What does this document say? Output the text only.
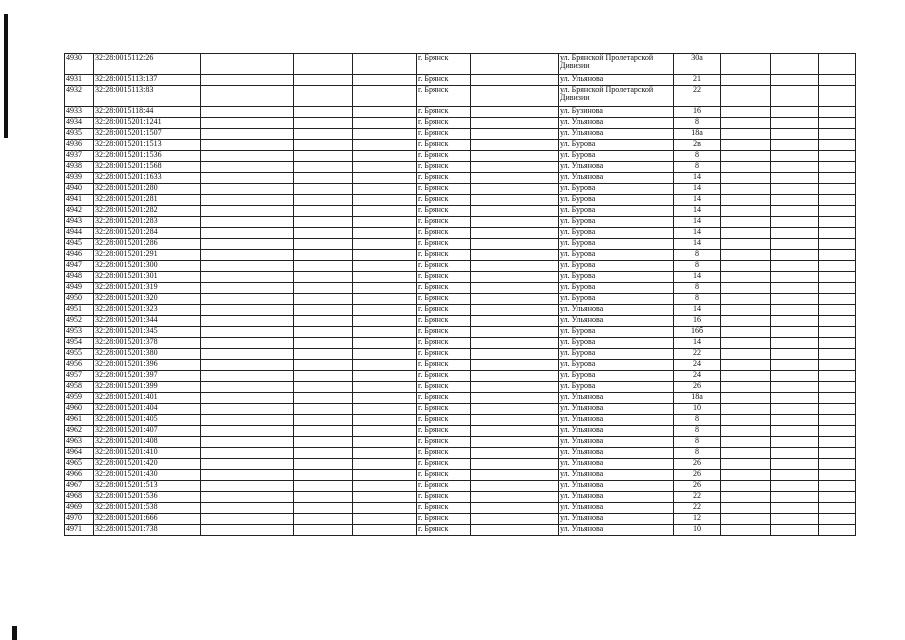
4930	32:28:0015112:26				г. Брянск		ул. Брянской Пролетарской Дивизии	30а			
4931	32:28:0015113:137				г. Брянск		ул. Ульянова	21			
4932	32:28:0015113:83				г. Брянск		ул. Брянской Пролетарской Дивизии	22			
4933	32:28:0015118:44				г. Брянск		ул. Бузинова	16			
4934	32:28:0015201:1241				г. Брянск		ул. Ульянова	8			
4935	32:28:0015201:1507				г. Брянск		ул. Ульянова	18а			
4936	32:28:0015201:1513				г. Брянск		ул. Бурова	2в			
4937	32:28:0015201:1536				г. Брянск		ул. Бурова	8			
4938	32:28:0015201:1568				г. Брянск		ул. Ульянова	8			
4939	32:28:0015201:1633				г. Брянск		ул. Ульянова	14			
4940	32:28:0015201:280				г. Брянск		ул. Бурова	14			
4941	32:28:0015201:281				г. Брянск		ул. Бурова	14			
4942	32:28:0015201:282				г. Брянск		ул. Бурова	14			
4943	32:28:0015201:283				г. Брянск		ул. Бурова	14			
4944	32:28:0015201:284				г. Брянск		ул. Бурова	14			
4945	32:28:0015201:286				г. Брянск		ул. Бурова	14			
4946	32:28:0015201:291				г. Брянск		ул. Бурова	8			
4947	32:28:0015201:300				г. Брянск		ул. Бурова	8			
4948	32:28:0015201:301				г. Брянск		ул. Бурова	14			
4949	32:28:0015201:319				г. Брянск		ул. Бурова	8			
4950	32:28:0015201:320				г. Брянск		ул. Бурова	8			
4951	32:28:0015201:323				г. Брянск		ул. Ульянова	14			
4952	32:28:0015201:344				г. Брянск		ул. Ульянова	16			
4953	32:28:0015201:345				г. Брянск		ул. Бурова	16б			
4954	32:28:0015201:378				г. Брянск		ул. Бурова	14			
4955	32:28:0015201:380				г. Брянск		ул. Бурова	22			
4956	32:28:0015201:396				г. Брянск		ул. Бурова	24			
4957	32:28:0015201:397				г. Брянск		ул. Бурова	24			
4958	32:28:0015201:399				г. Брянск		ул. Бурова	26			
4959	32:28:0015201:401				г. Брянск		ул. Ульянова	18а			
4960	32:28:0015201:404				г. Брянск		ул. Ульянова	10			
4961	32:28:0015201:405				г. Брянск		ул. Ульянова	8			
4962	32:28:0015201:407				г. Брянск		ул. Ульянова	8			
4963	32:28:0015201:408				г. Брянск		ул. Ульянова	8			
4964	32:28:0015201:410				г. Брянск		ул. Ульянова	8			
4965	32:28:0015201:420				г. Брянск		ул. Ульянова	26			
4966	32:28:0015201:430				г. Брянск		ул. Ульянова	26			
4967	32:28:0015201:513				г. Брянск		ул. Ульянова	26			
4968	32:28:0015201:536				г. Брянск		ул. Ульянова	22			
4969	32:28:0015201:538				г. Брянск		ул. Ульянова	22			
4970	32:28:0015201:666				г. Брянск		ул. Ульянова	12			
4971	32:28:0015201:738				г. Брянск		ул. Ульянова	10			
